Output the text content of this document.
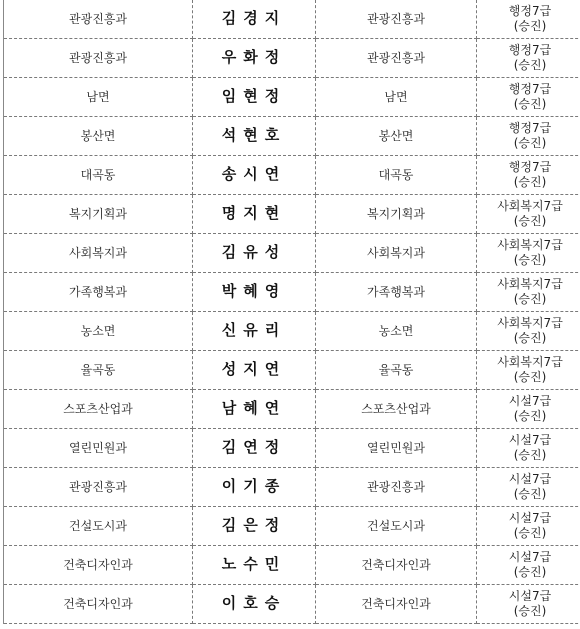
관광진흥과	김경지	관광진흥과	행정7급
(승진)

관광진흥과	우화정	관광진흥과	행정7급
(승진)

남면	임현정	남면	행정7급
(승진)

봉산면	석현호	봉산면	행정7급
(승진)

대곡동	송시연	대곡동	행정7급
(승진)

복지기획과	명지현	복지기획과	사회복지7급
(승진)

사회복지과	김유성	사회복지과	사회복지7급
(승진)

가족행복과	박혜영	가족행복과	사회복지7급
(승진)

농소면	신유리	농소면	사회복지7급
(승진)

율곡동	성지연	율곡동	사회복지7급
(승진)

스포츠산업과	남혜연	스포츠산업과	시설7급
(승진)

열린민원과	김연정	열린민원과	시설7급
(승진)

관광진흥과	이기종	관광진흥과	시설7급
(승진)

건설도시과	김은정	건설도시과	시설7급
(승진)

건축디자인과	노수민	건축디자인과	시설7급
(승진)

건축디자인과	이호승	건축디자인과	시설7급
(승진)
